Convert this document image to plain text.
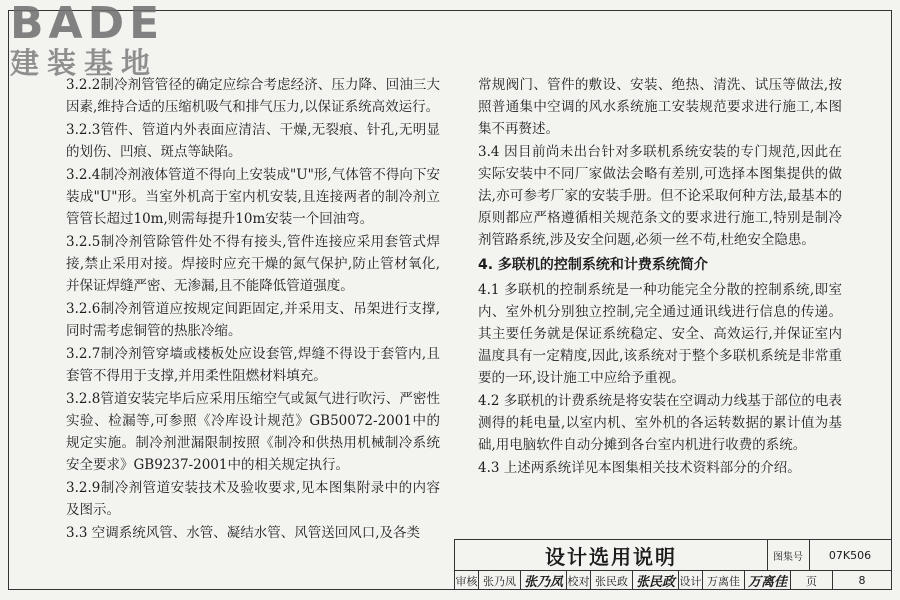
BADE
建装基地

3.2.2制冷剂管管径的确定应综合考虑经济、压力降、回油三大因素,维持合适的压缩机吸气和排气压力,以保证系统高效运行。

3.2.3管件、管道内外表面应清洁、干燥,无裂痕、针孔,无明显的划伤、凹痕、斑点等缺陷。

3.2.4制冷剂液体管道不得向上安装成"U"形,气体管不得向下安装成"U"形。当室外机高于室内机安装,且连接两者的制冷剂立管管长超过10m,则需每提升10m安装一个回油弯。

3.2.5制冷剂管除管件处不得有接头,管件连接应采用套管式焊接,禁止采用对接。焊接时应充干燥的氮气保护,防止管材氧化,并保证焊缝严密、无渗漏,且不能降低管道强度。

3.2.6制冷剂管道应按规定间距固定,并采用支、吊架进行支撑,同时需考虑铜管的热胀冷缩。

3.2.7制冷剂管穿墙或楼板处应设套管,焊缝不得设于套管内,且套管不得用于支撑,并用柔性阻燃材料填充。

3.2.8管道安装完毕后应采用压缩空气或氮气进行吹污、严密性实验、检漏等,可参照《冷库设计规范》GB50072-2001中的规定实施。制冷剂泄漏限制按照《制冷和供热用机械制冷系统安全要求》GB9237-2001中的相关规定执行。

3.2.9制冷剂管道安装技术及验收要求,见本图集附录中的内容及图示。

3.3 空调系统风管、水管、凝结水管、风管送回风口,及各类

常规阀门、管件的敷设、安装、绝热、清洗、试压等做法,按照普通集中空调的风水系统施工安装规范要求进行施工,本图集不再赘述。

3.4 因目前尚未出台针对多联机系统安装的专门规范,因此在实际安装中不同厂家做法会略有差别,可选择本图集提供的做法,亦可参考厂家的安装手册。但不论采取何种方法,最基本的原则都应严格遵循相关规范条文的要求进行施工,特别是制冷剂管路系统,涉及安全问题,必须一丝不苟,杜绝安全隐患。

4. 多联机的控制系统和计费系统简介

4.1 多联机的控制系统是一种功能完全分散的控制系统,即室内、室外机分别独立控制,完全通过通讯线进行信息的传递。其主要任务就是保证系统稳定、安全、高效运行,并保证室内温度具有一定精度,因此,该系统对于整个多联机系统是非常重要的一环,设计施工中应给予重视。

4.2 多联机的计费系统是将安装在空调动力线基于部位的电表测得的耗电量,以室内机、室外机的各运转数据的累计值为基础,用电脑软件自动分摊到各台室内机进行收费的系统。

4.3 上述两系统详见本图集相关技术资料部分的介绍。

设计选用说明	图集号	07K506
审核 张乃凤 张乃凤 校对 张民政 张民政 设计 万离佳 万离佳	页	8
